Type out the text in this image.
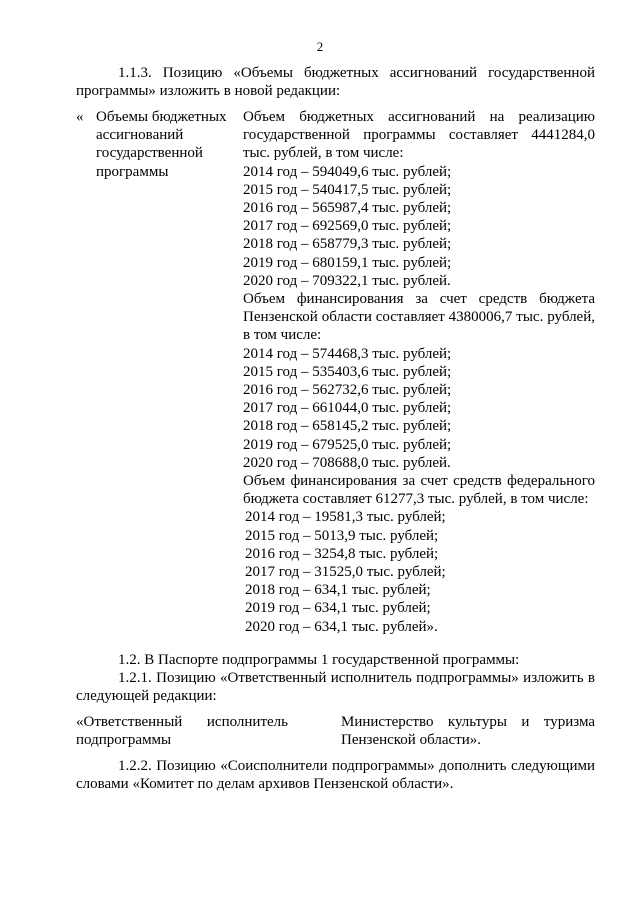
2
1.1.3. Позицию «Объемы бюджетных ассигнований государственной программы» изложить в новой редакции:
« Объемы бюджетных ассигнований государственной программы
Объем бюджетных ассигнований на реализацию государственной программы составляет 4441284,0 тыс. рублей, в том числе:
2014 год – 594049,6 тыс. рублей;
2015 год – 540417,5 тыс. рублей;
2016 год – 565987,4 тыс. рублей;
2017 год – 692569,0 тыс. рублей;
2018 год – 658779,3 тыс. рублей;
2019 год – 680159,1 тыс. рублей;
2020 год – 709322,1 тыс. рублей.
Объем финансирования за счет средств бюджета Пензенской области составляет 4380006,7 тыс. рублей, в том числе:
2014 год – 574468,3 тыс. рублей;
2015 год – 535403,6 тыс. рублей;
2016 год – 562732,6 тыс. рублей;
2017 год – 661044,0 тыс. рублей;
2018 год – 658145,2 тыс. рублей;
2019 год – 679525,0 тыс. рублей;
2020 год – 708688,0 тыс. рублей.
Объем финансирования за счет средств федерального бюджета составляет 61277,3 тыс. рублей, в том числе:
2014 год – 19581,3 тыс. рублей;
2015 год – 5013,9 тыс. рублей;
2016 год – 3254,8 тыс. рублей;
2017 год – 31525,0 тыс. рублей;
2018 год – 634,1 тыс. рублей;
2019 год – 634,1 тыс. рублей;
2020 год – 634,1 тыс. рублей».
1.2. В Паспорте подпрограммы 1 государственной программы:
1.2.1. Позицию «Ответственный исполнитель подпрограммы» изложить в следующей редакции:
«Ответственный исполнитель
подпрограммы
Министерство культуры и туризма
Пензенской области».
1.2.2. Позицию «Соисполнители подпрограммы» дополнить следующими словами «Комитет по делам архивов Пензенской области».
